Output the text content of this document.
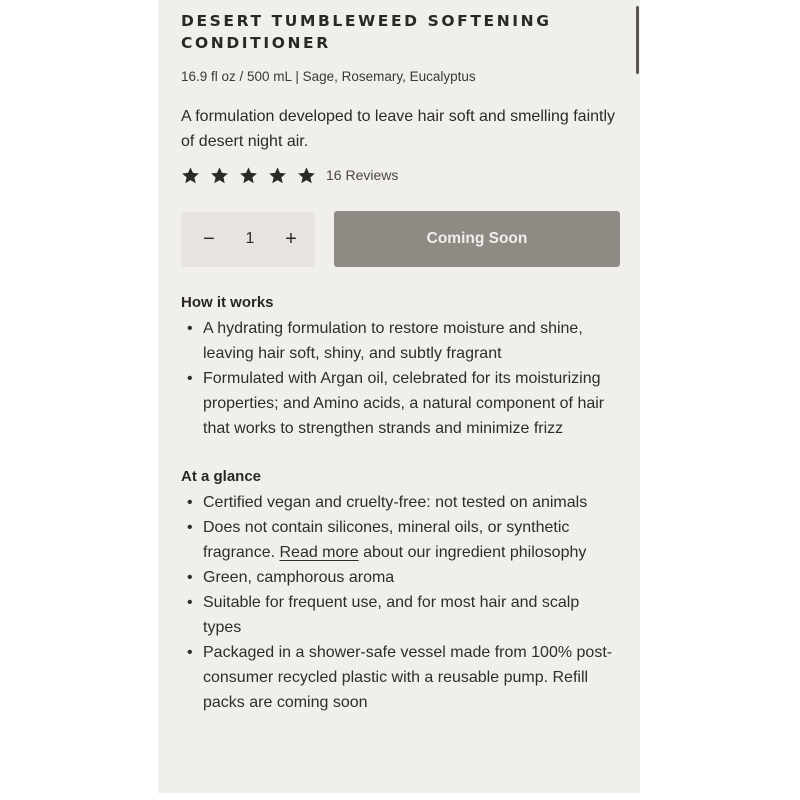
DESERT TUMBLEWEED SOFTENING CONDITIONER
16.9 fl oz / 500 mL | Sage, Rosemary, Eucalyptus
A formulation developed to leave hair soft and smelling faintly of desert night air.
16 Reviews
− 1 +	Coming Soon
How it works
• A hydrating formulation to restore moisture and shine, leaving hair soft, shiny, and subtly fragrant
• Formulated with Argan oil, celebrated for its moisturizing properties; and Amino acids, a natural component of hair that works to strengthen strands and minimize frizz
At a glance
• Certified vegan and cruelty-free: not tested on animals
• Does not contain silicones, mineral oils, or synthetic fragrance. Read more about our ingredient philosophy
• Green, camphorous aroma
• Suitable for frequent use, and for most hair and scalp types
• Packaged in a shower-safe vessel made from 100% post-consumer recycled plastic with a reusable pump. Refill packs are coming soon
